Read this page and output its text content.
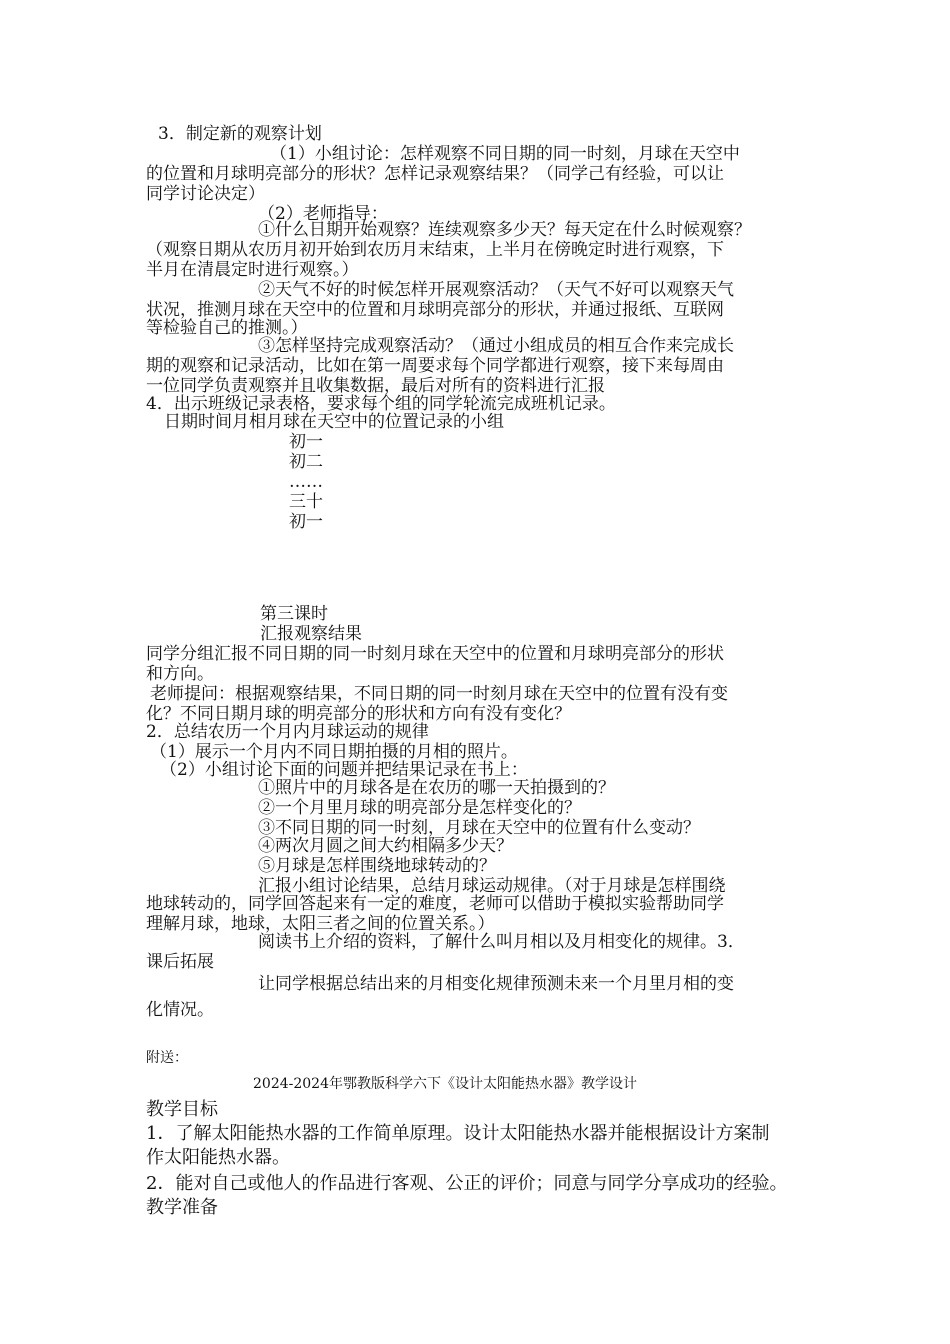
3．制定新的观察计划
（1）小组讨论：怎样观察不同日期的同一时刻，月球在天空中
的位置和月球明亮部分的形状？怎样记录观察结果？（同学己有经验，可以让
同学讨论决定）
（2）老师指导：
①什么日期开始观察？连续观察多少天？每天定在什么时候观察？
（观察日期从农历月初开始到农历月末结束，上半月在傍晚定时进行观察，下
半月在清晨定时进行观察。）
②天气不好的时候怎样开展观察活动？（天气不好可以观察天气
状况，推测月球在天空中的位置和月球明亮部分的形状，并通过报纸、互联网
等检验自己的推测。）
③怎样坚持完成观察活动？（通过小组成员的相互合作来完成长
期的观察和记录活动，比如在第一周要求每个同学都进行观察，接下来每周由
一位同学负责观察并且收集数据，最后对所有的资料进行汇报
4．出示班级记录表格，要求每个组的同学轮流完成班机记录。
日期时间月相月球在天空中的位置记录的小组
初一
初二
……
三十
初一
第三课时
汇报观察结果
同学分组汇报不同日期的同一时刻月球在天空中的位置和月球明亮部分的形状
和方向。
老师提问：根据观察结果，不同日期的同一时刻月球在天空中的位置有没有变
化？不同日期月球的明亮部分的形状和方向有没有变化？
2．总结农历一个月内月球运动的规律
（1）展示一个月内不同日期拍摄的月相的照片。
（2）小组讨论下面的问题并把结果记录在书上：
①照片中的月球各是在农历的哪一天拍摄到的？
②一个月里月球的明亮部分是怎样变化的？
③不同日期的同一时刻，月球在天空中的位置有什么变动？
④两次月圆之间大约相隔多少天？
⑤月球是怎样围绕地球转动的？
汇报小组讨论结果，总结月球运动规律。（对于月球是怎样围绕
地球转动的，同学回答起来有一定的难度，老师可以借助于模拟实验帮助同学
理解月球，地球，太阳三者之间的位置关系。）
阅读书上介绍的资料，了解什么叫月相以及月相变化的规律。3．
课后拓展
让同学根据总结出来的月相变化规律预测未来一个月里月相的变
化情况。
附送：
2024-2024年鄂教版科学六下《设计太阳能热水器》教学设计
教学目标
1．了解太阳能热水器的工作简单原理。设计太阳能热水器并能根据设计方案制
作太阳能热水器。
2．能对自己或他人的作品进行客观、公正的评价；同意与同学分享成功的经验。
教学准备
